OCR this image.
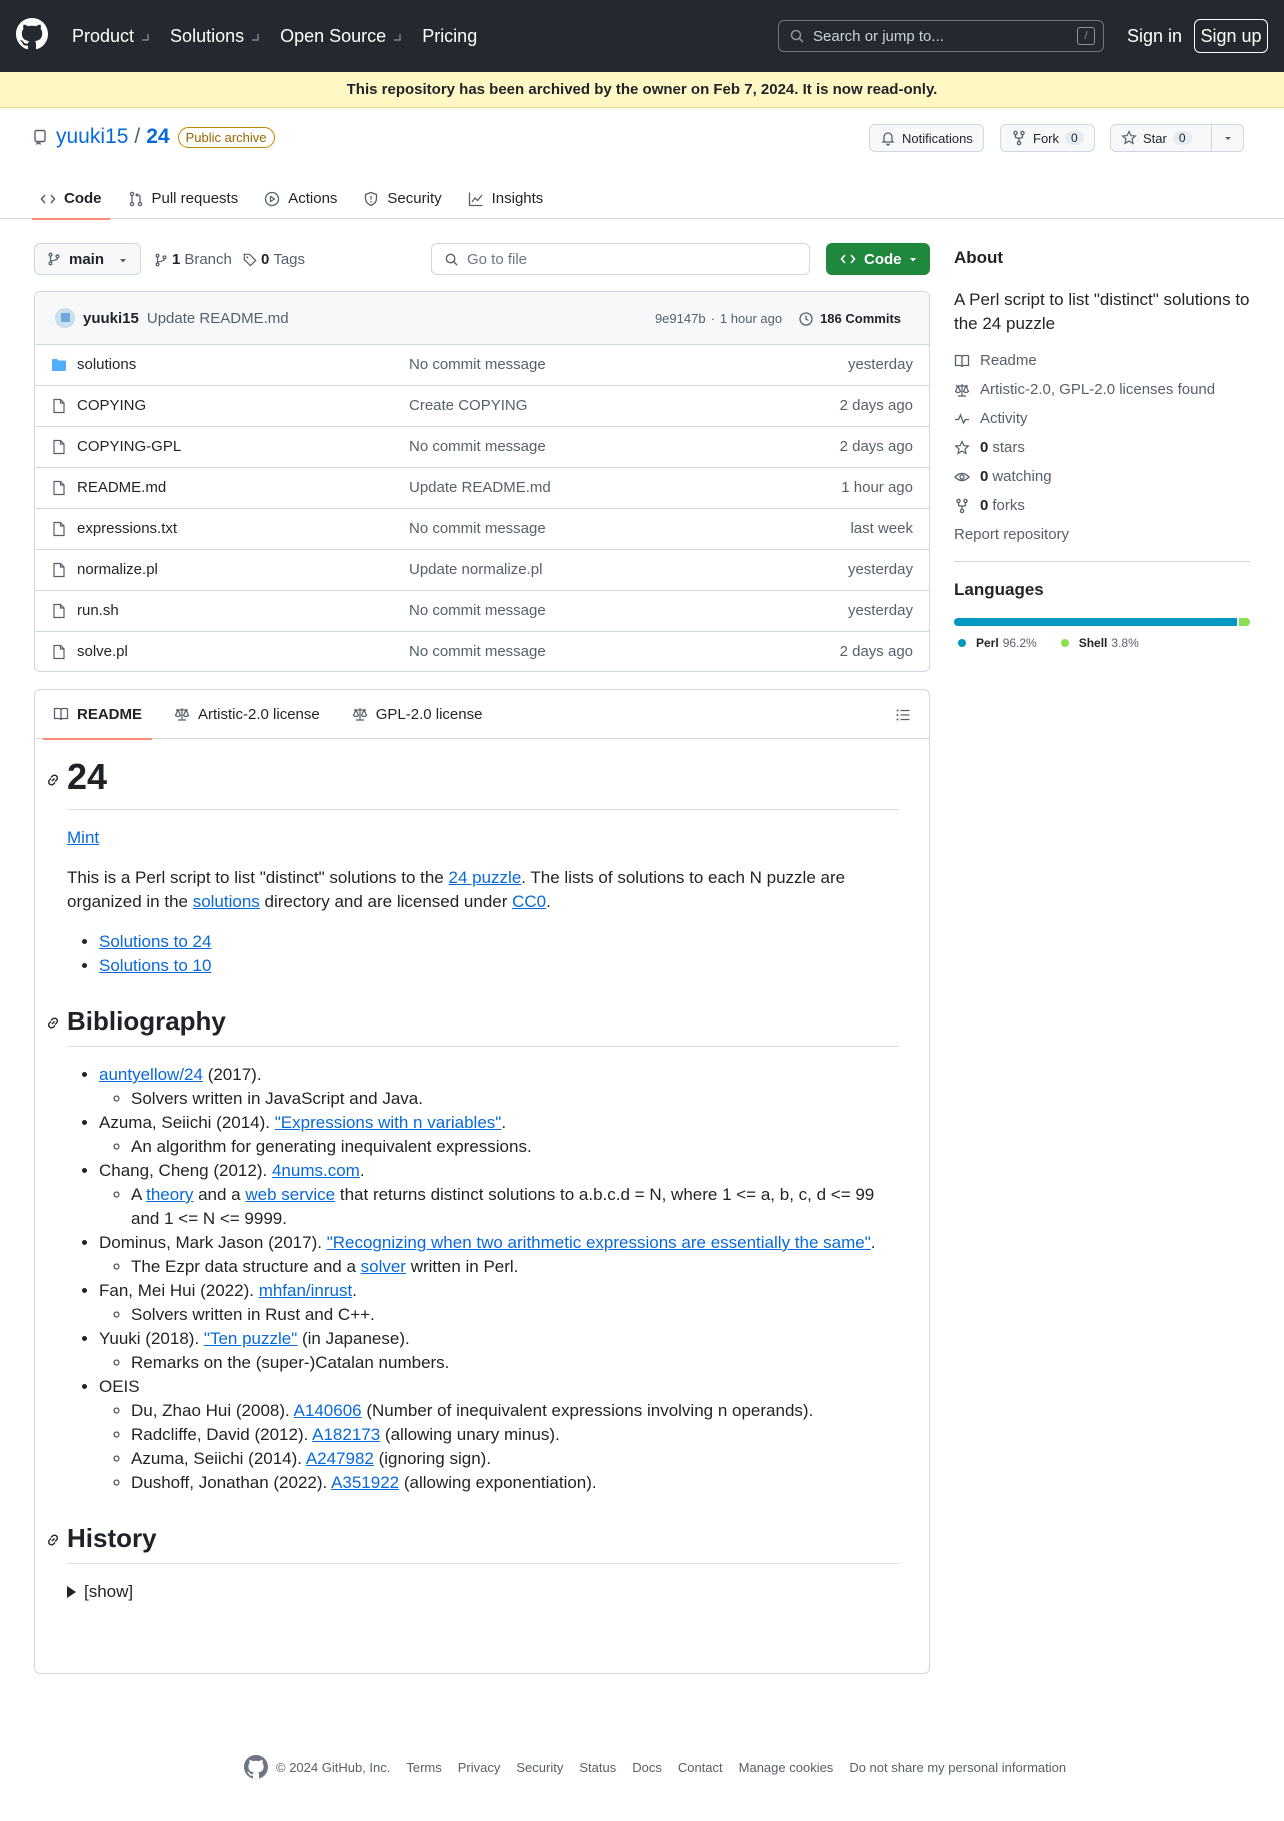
Product Solutions Open Source Pricing	Search or jump to...	/	Sign in	Sign up
This repository has been archived by the owner on Feb 7, 2024. It is now read-only.
yuuki15 / 24	Public archive	Notifications	Fork	0	Star	0
Code	Pull requests	Actions	Security	Insights
main	1 Branch 0 Tags	Go to file	Code
yuuki15 Update README.md	9e9147b · 1 hour ago	186 Commits
solutions	No commit message	yesterday
COPYING	Create COPYING	2 days ago
COPYING-GPL	No commit message	2 days ago
README.md	Update README.md	1 hour ago
expressions.txt	No commit message	last week
normalize.pl	Update normalize.pl	yesterday
run.sh	No commit message	yesterday
solve.pl	No commit message	2 days ago
README	Artistic-2.0 license	GPL-2.0 license
24

Mint

This is a Perl script to list "distinct" solutions to the 24 puzzle. The lists of solutions to each N puzzle are organized in the solutions directory and are licensed under CC0.

• Solutions to 24
• Solutions to 10
Bibliography
• auntyellow/24 (2017).
◦ Solvers written in JavaScript and Java.
• Azuma, Seiichi (2014). "Expressions with n variables".
◦ An algorithm for generating inequivalent expressions.
• Chang, Cheng (2012). 4nums.com.
◦ A theory and a web service that returns distinct solutions to a.b.c.d = N, where 1 <= a, b, c, d <= 99 and 1 <= N <= 9999.
• Dominus, Mark Jason (2017). "Recognizing when two arithmetic expressions are essentially the same".
◦ The Ezpr data structure and a solver written in Perl.
• Fan, Mei Hui (2022). mhfan/inrust.
◦ Solvers written in Rust and C++.
• Yuuki (2018). "Ten puzzle" (in Japanese).
◦ Remarks on the (super-)Catalan numbers.
• OEIS
◦ Du, Zhao Hui (2008). A140606 (Number of inequivalent expressions involving n operands).
◦ Radcliffe, David (2012). A182173 (allowing unary minus).
◦ Azuma, Seiichi (2014). A247982 (ignoring sign).
◦ Dushoff, Jonathan (2022). A351922 (allowing exponentiation).
History
[show]
About
A Perl script to list "distinct" solutions to the 24 puzzle
Readme
Artistic-2.0, GPL-2.0 licenses found
Activity
0 stars
0 watching
0 forks
Report repository
Languages
Perl 96.2%	Shell 3.8%
© 2024 GitHub, Inc. Terms Privacy Security Status Docs Contact Manage cookies Do not share my personal information
